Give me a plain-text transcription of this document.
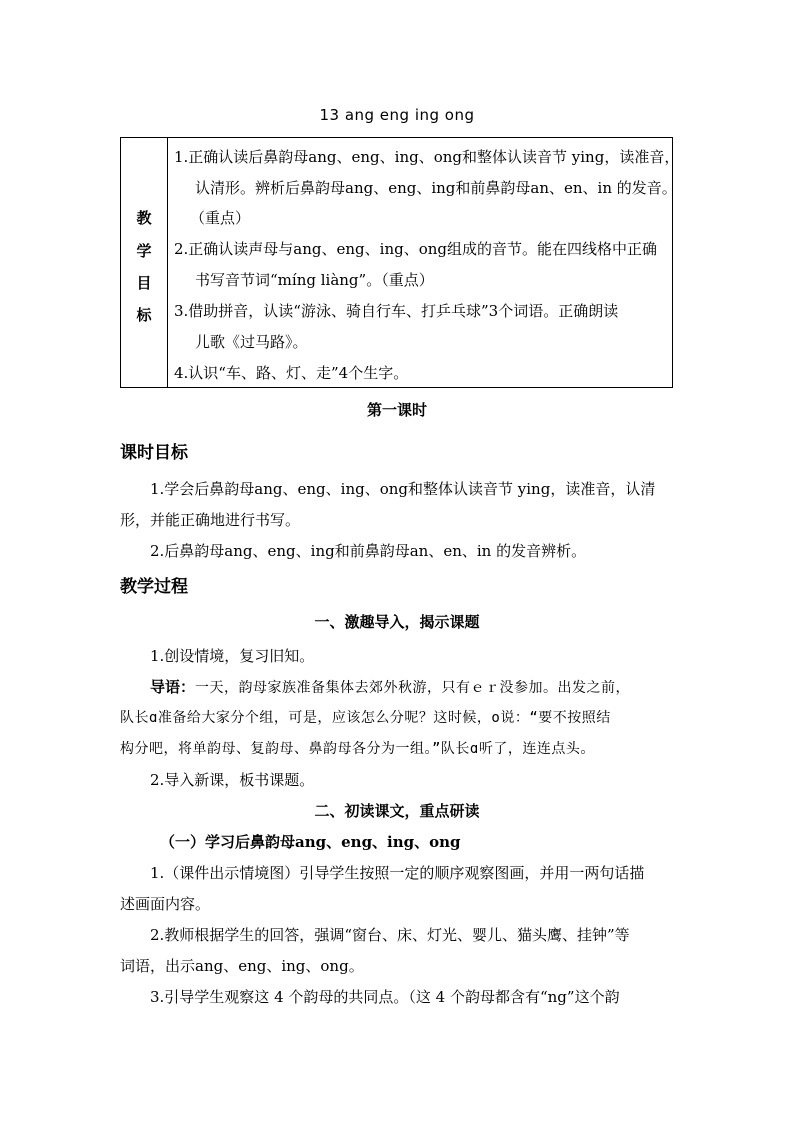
13 ang eng ing ong
教
学
目
标
1.正确认读后鼻韵母ang、eng、ing、ong和整体认读音节 ying，读准音，
认清形。辨析后鼻韵母ang、eng、ing和前鼻韵母an、en、in 的发音。
（重点）
2.正确认读声母与ang、eng、ing、ong组成的音节。能在四线格中正确
书写音节词“míng liàng”。（重点）
3.借助拼音，认读“游泳、骑自行车、打乒乓球”3个词语。正确朗读
儿歌《过马路》。
4.认识“车、路、灯、走”4个生字。
第一课时
课时目标
1.学会后鼻韵母ang、eng、ing、ong和整体认读音节 ying，读准音，认清
形，并能正确地进行书写。
2.后鼻韵母ang、eng、ing和前鼻韵母an、en、in 的发音辨析。
教学过程
一、激趣导入，揭示课题
1.创设情境，复习旧知。
导语：一天，韵母家族准备集体去郊外秋游，只有ｅｒ没参加。出发之前，
队长ɑ准备给大家分个组，可是，应该怎么分呢？这时候，o说：“要不按照结
构分吧，将单韵母、复韵母、鼻韵母各分为一组。”队长ɑ听了，连连点头。
2.导入新课，板书课题。
二、初读课文，重点研读
（一）学习后鼻韵母ang、eng、ing、ong
1.（课件出示情境图）引导学生按照一定的顺序观察图画，并用一两句话描
述画面内容。
2.教师根据学生的回答，强调“窗台、床、灯光、婴儿、猫头鹰、挂钟”等
词语，出示ang、eng、ing、ong。
3.引导学生观察这 4 个韵母的共同点。（这 4 个韵母都含有“ng”这个韵
